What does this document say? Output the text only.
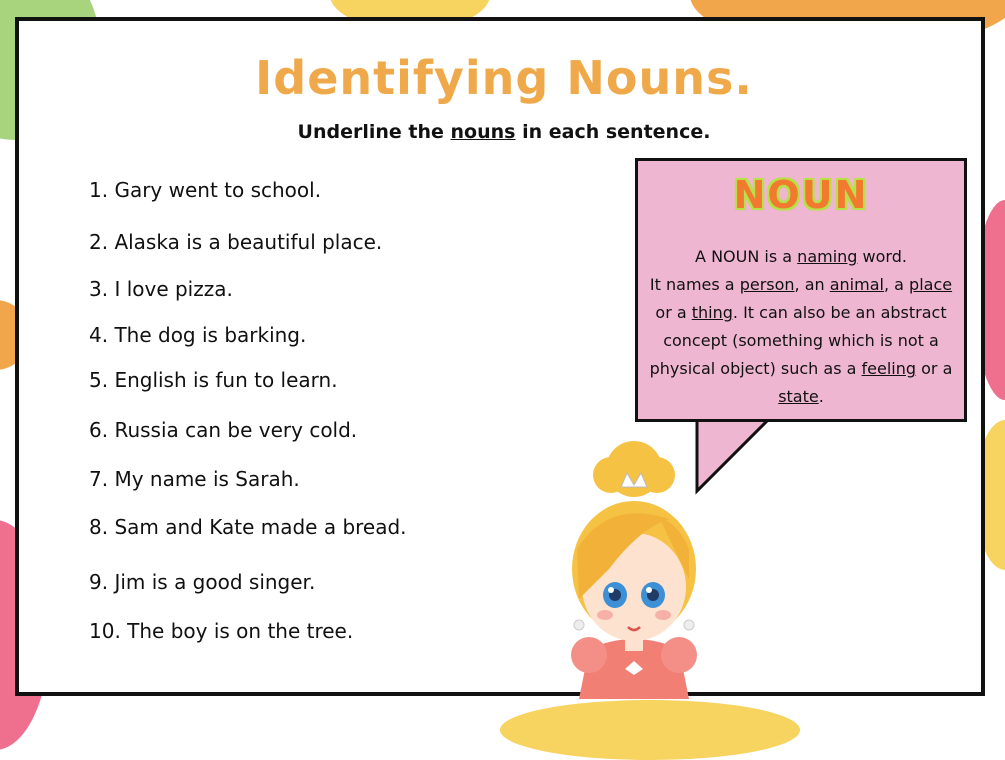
Identifying Nouns.
Underline the nouns in each sentence.
1. Gary went to school.
2. Alaska is a beautiful place.
3. I love pizza.
4. The dog is barking.
5. English is fun to learn.
6. Russia can be very cold.
7. My name is Sarah.
8. Sam and Kate made a bread.
9. Jim is a good singer.
10. The boy is on the tree.
NOUN
A NOUN is a naming word.
It names a person, an animal, a place or a thing. It can also be an abstract concept (something which is not a physical object) such as a feeling or a state.
